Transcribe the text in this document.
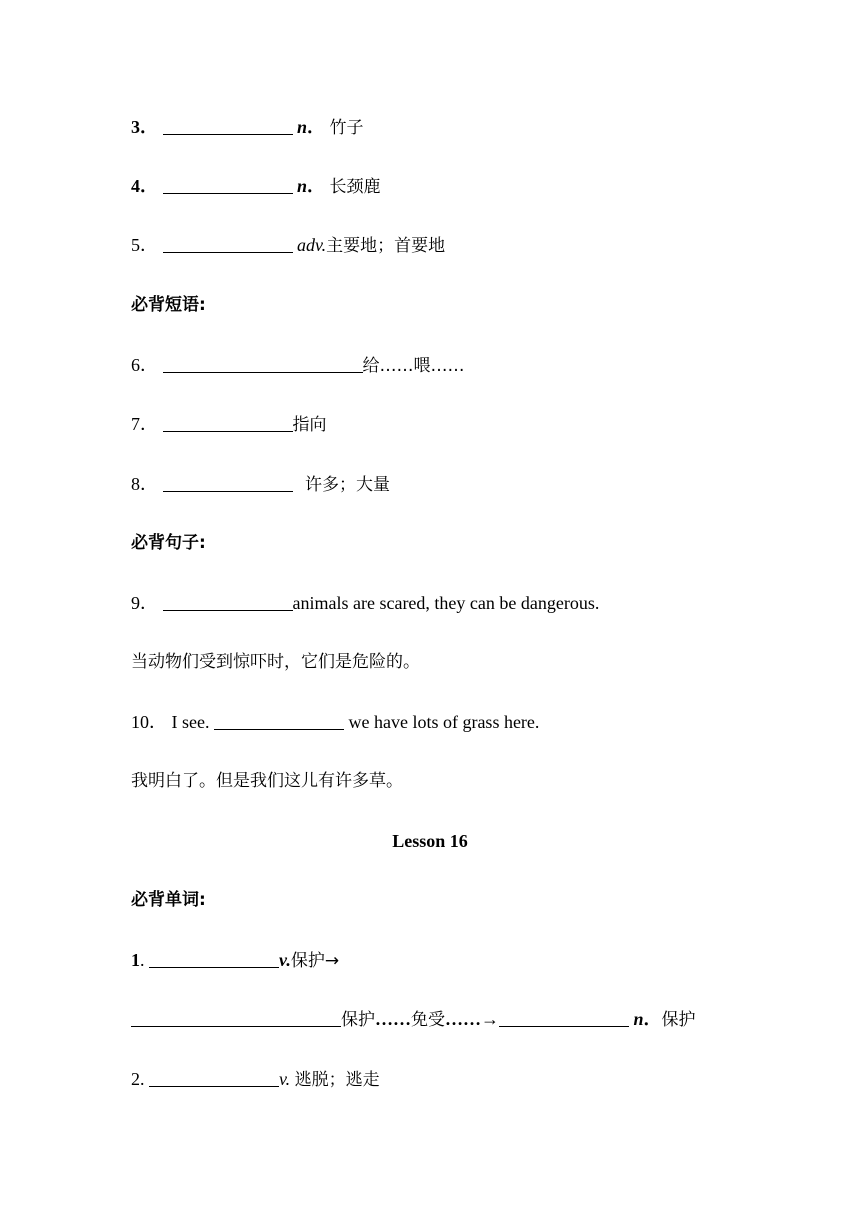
3．	n． 竹子
4．	n． 长颈鹿
5．	adv.主要地；首要地
必背短语:
6．	给……喂……
7．	指向
8．	许多；大量
必背句子:
9．	animals are scared, they can be dangerous.
当动物们受到惊吓时，它们是危险的。
10． I see.	we have lots of grass here.
我明白了。但是我们这儿有许多草。
Lesson 16
必背单词:
1.	v.保护→
保护……免受……→	n．保护
2.	v. 逃脱；逃走
